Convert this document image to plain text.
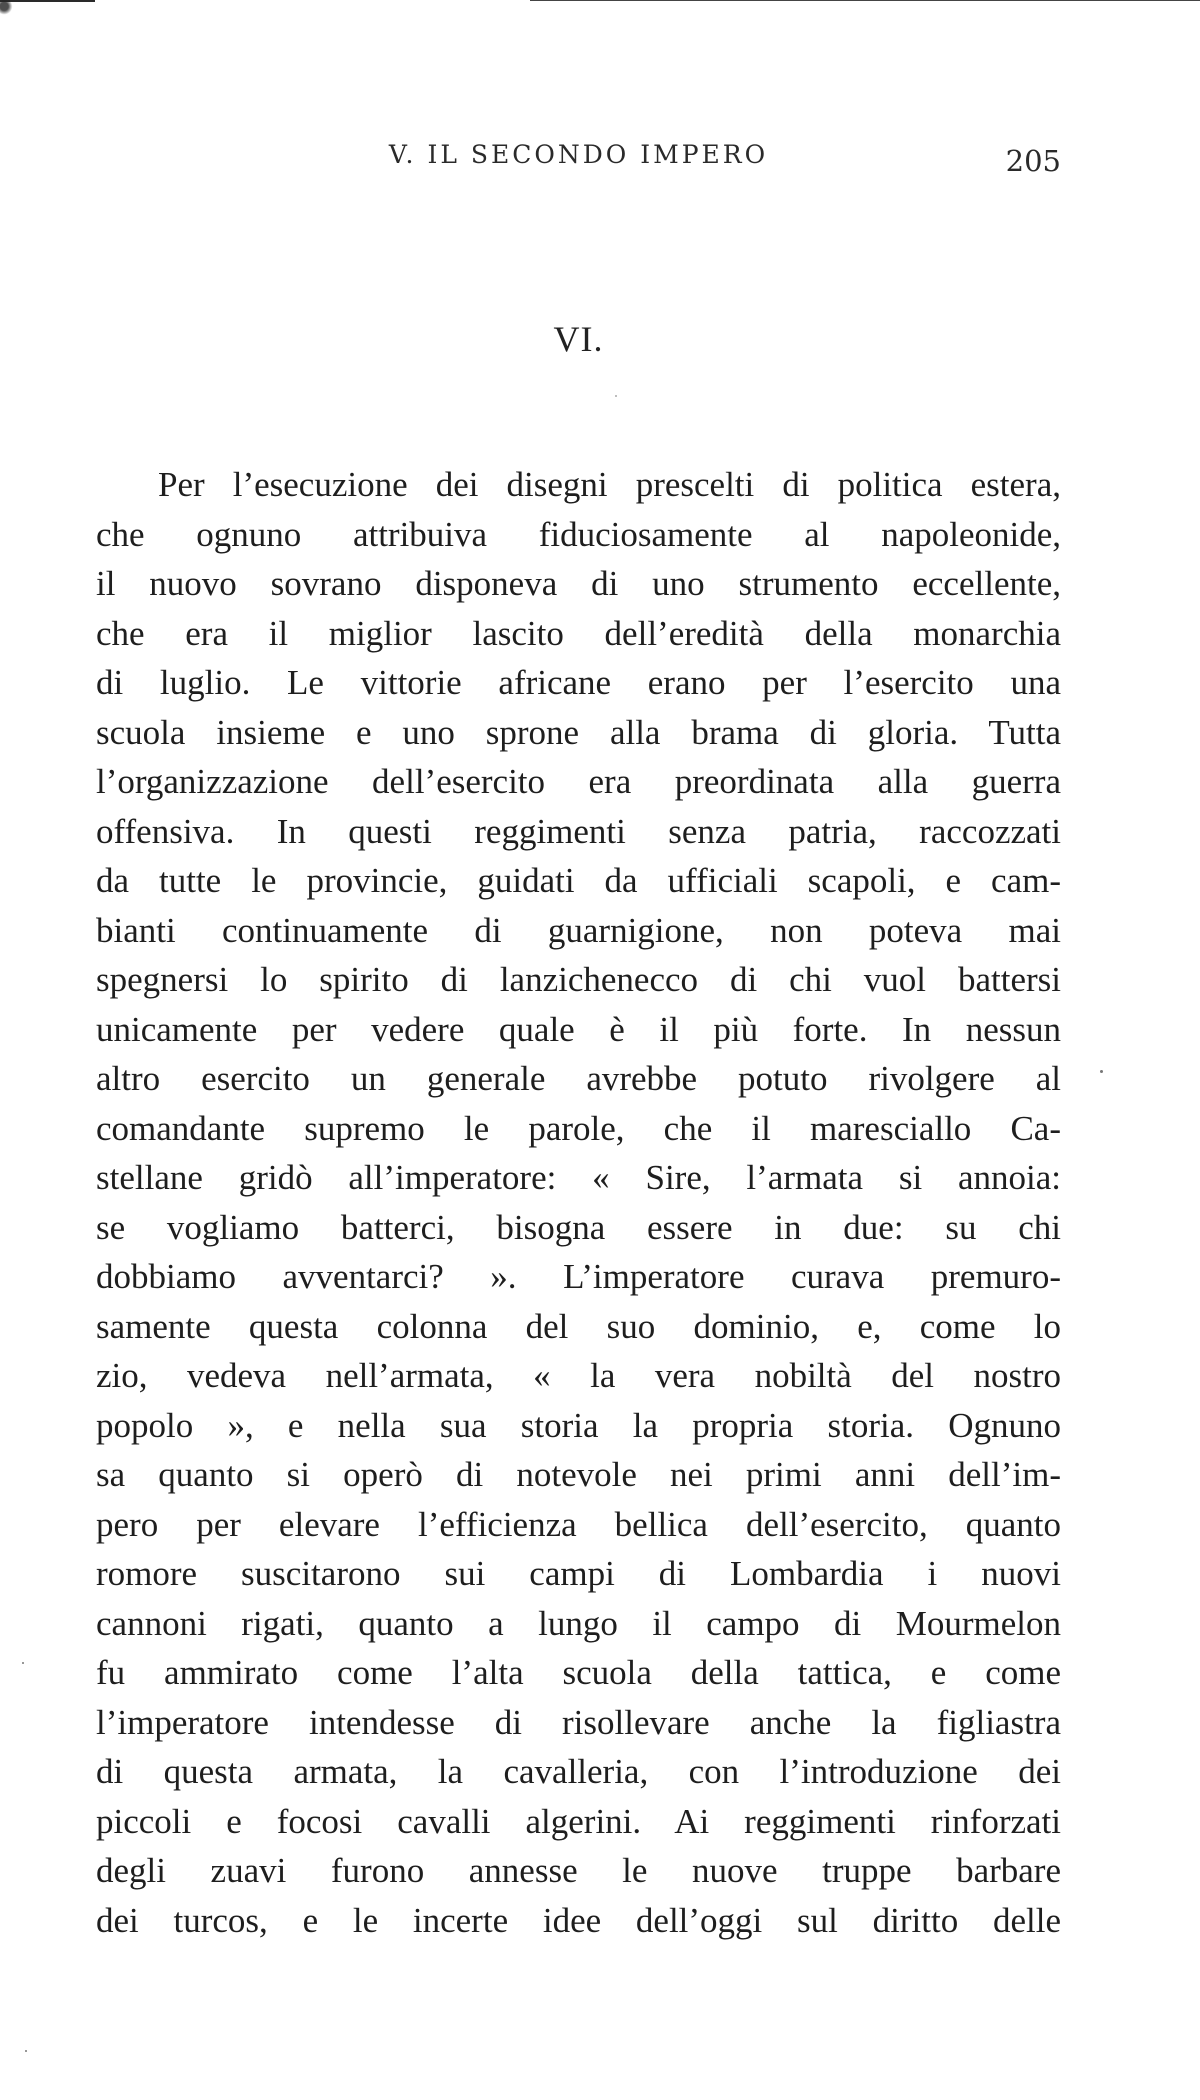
V. IL SECONDO IMPERO	205
VI.
Per l’esecuzione dei disegni prescelti di politica estera,
che ognuno attribuiva fiduciosamente al napoleonide,
il nuovo sovrano disponeva di uno strumento eccellente,
che era il miglior lascito dell’eredità della monarchia
di luglio. Le vittorie africane erano per l’esercito una
scuola insieme e uno sprone alla brama di gloria. Tutta
l’organizzazione dell’esercito era preordinata alla guerra
offensiva. In questi reggimenti senza patria, raccozzati
da tutte le provincie, guidati da ufficiali scapoli, e cam-
bianti continuamente di guarnigione, non poteva mai
spegnersi lo spirito di lanzichenecco di chi vuol battersi
unicamente per vedere quale è il più forte. In nessun
altro esercito un generale avrebbe potuto rivolgere al
comandante supremo le parole, che il maresciallo Ca-
stellane gridò all’imperatore: « Sire, l’armata si annoia:
se vogliamo batterci, bisogna essere in due: su chi
dobbiamo avventarci? ». L’imperatore curava premuro-
samente questa colonna del suo dominio, e, come lo
zio, vedeva nell’armata, « la vera nobiltà del nostro
popolo », e nella sua storia la propria storia. Ognuno
sa quanto si operò di notevole nei primi anni dell’im-
pero per elevare l’efficienza bellica dell’esercito, quanto
romore suscitarono sui campi di Lombardia i nuovi
cannoni rigati, quanto a lungo il campo di Mourmelon
fu ammirato come l’alta scuola della tattica, e come
l’imperatore intendesse di risollevare anche la figliastra
di questa armata, la cavalleria, con l’introduzione dei
piccoli e focosi cavalli algerini. Ai reggimenti rinforzati
degli zuavi furono annesse le nuove truppe barbare
dei turcos, e le incerte idee dell’oggi sul diritto delle
